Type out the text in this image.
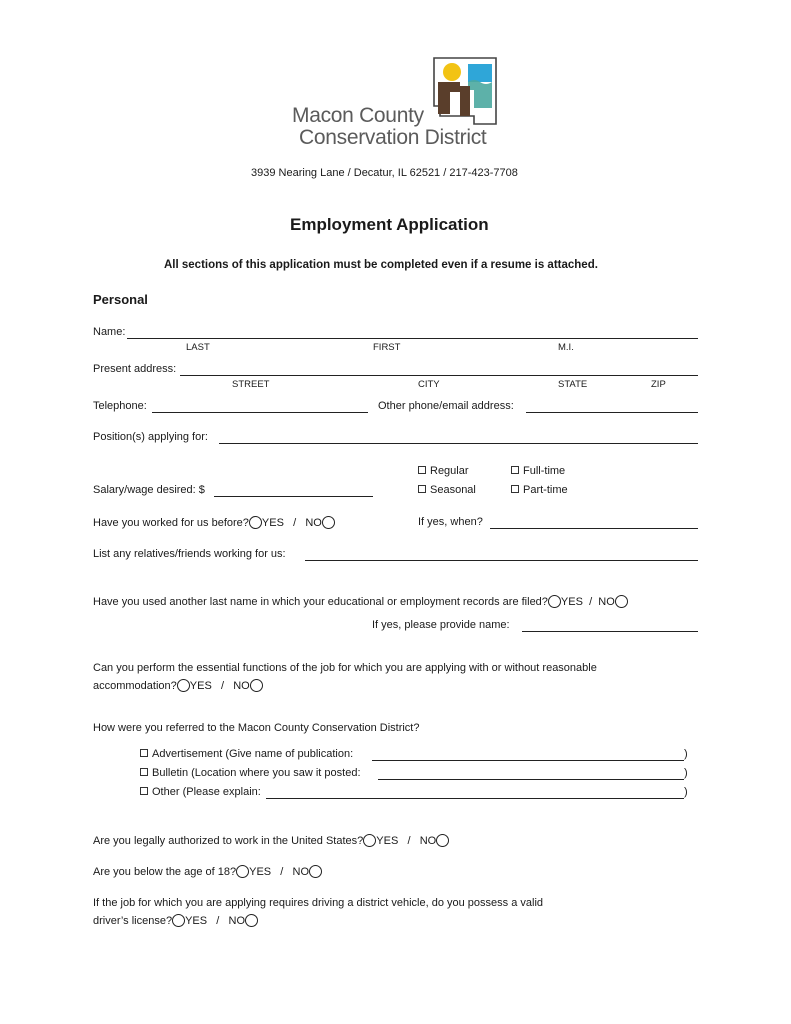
Macon County
Conservation District
3939 Nearing Lane / Decatur, IL 62521 / 217-423-7708
Employment Application
All sections of this application must be completed even if a resume is attached.
Personal
Name:
LAST	FIRST	M.I.
Present address:
STREET	CITY	STATE	ZIP
Telephone:	Other phone/email address:
Position(s) applying for:
Regular	Full-time
Salary/wage desired: $	Seasonal	Part-time
Have you worked for us before? YES / NO	If yes, when?
List any relatives/friends working for us:
Have you used another last name in which your educational or employment records are filed? YES / NO
If yes, please provide name:
Can you perform the essential functions of the job for which you are applying with or without reasonable
accommodation? YES / NO
How were you referred to the Macon County Conservation District?
Advertisement (Give name of publication:	)
Bulletin (Location where you saw it posted:	)
Other (Please explain:	)
Are you legally authorized to work in the United States? YES / NO
Are you below the age of 18? YES / NO
If the job for which you are applying requires driving a district vehicle, do you possess a valid
driver’s license? YES / NO
